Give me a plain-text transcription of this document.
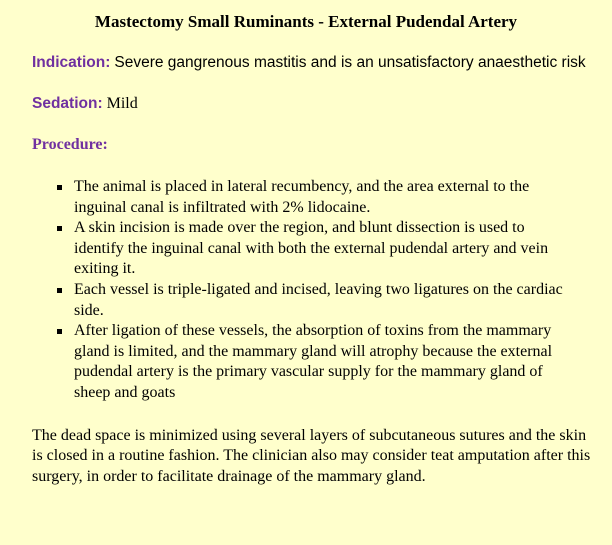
Mastectomy Small Ruminants - External Pudendal Artery

Indication: Severe gangrenous mastitis and is an unsatisfactory anaesthetic risk

Sedation: Mild

Procedure:

The animal is placed in lateral recumbency, and the area external to the inguinal canal is infiltrated with 2% lidocaine.
A skin incision is made over the region, and blunt dissection is used to identify the inguinal canal with both the external pudendal artery and vein exiting it.
Each vessel is triple-ligated and incised, leaving two ligatures on the cardiac side.
After ligation of these vessels, the absorption of toxins from the mammary gland is limited, and the mammary gland will atrophy because the external pudendal artery is the primary vascular supply for the mammary gland of sheep and goats

The dead space is minimized using several layers of subcutaneous sutures and the skin is closed in a routine fashion. The clinician also may consider teat amputation after this surgery, in order to facilitate drainage of the mammary gland.
